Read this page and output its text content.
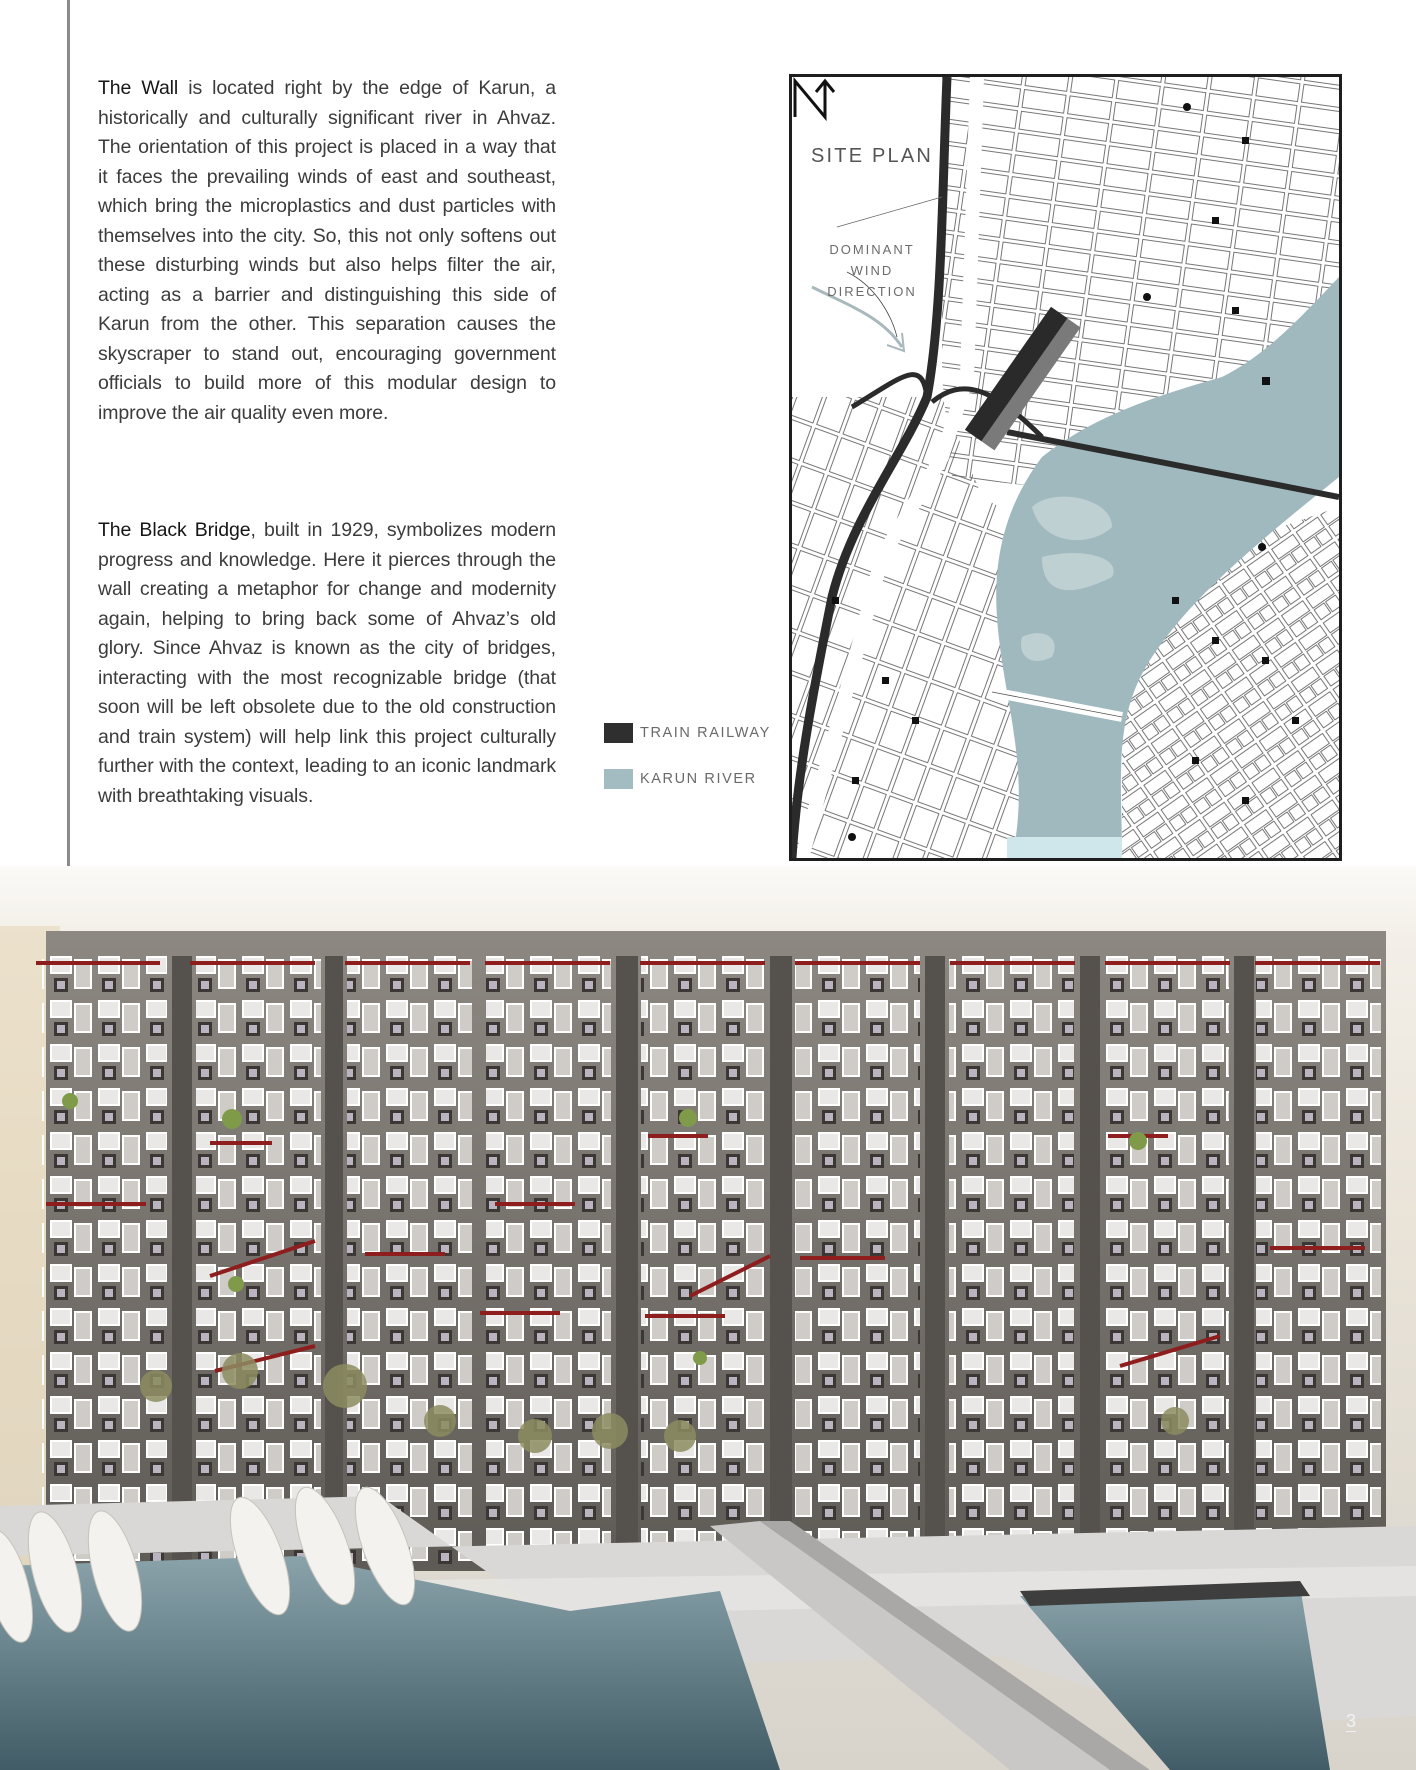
The Wall is located right by the edge of Karun, a historically and culturally significant river in Ahvaz. The orientation of this project is placed in a way that it faces the prevailing winds of east and southeast, which bring the microplastics and dust particles with themselves into the city. So, this not only softens out these disturbing winds but also helps filter the air, acting as a barrier and distinguishing this side of Karun from the other. This separation causes the skyscraper to stand out, encouraging government officials to build more of this modular design to improve the air quality even more.

The Black Bridge, built in 1929, symbolizes modern progress and knowledge. Here it pierces through the wall creating a metaphor for change and modernity again, helping to bring back some of Ahvaz’s old glory. Since Ahvaz is known as the city of bridges, interacting with the most recognizable bridge (that soon will be left obsolete due to the old construction and train system) will help link this project culturally further with the context, leading to an iconic landmark with breathtaking visuals.

TRAIN RAILWAY
KARUN RIVER
SITE PLAN
DOMINANT
WIND
DIRECTION
3
